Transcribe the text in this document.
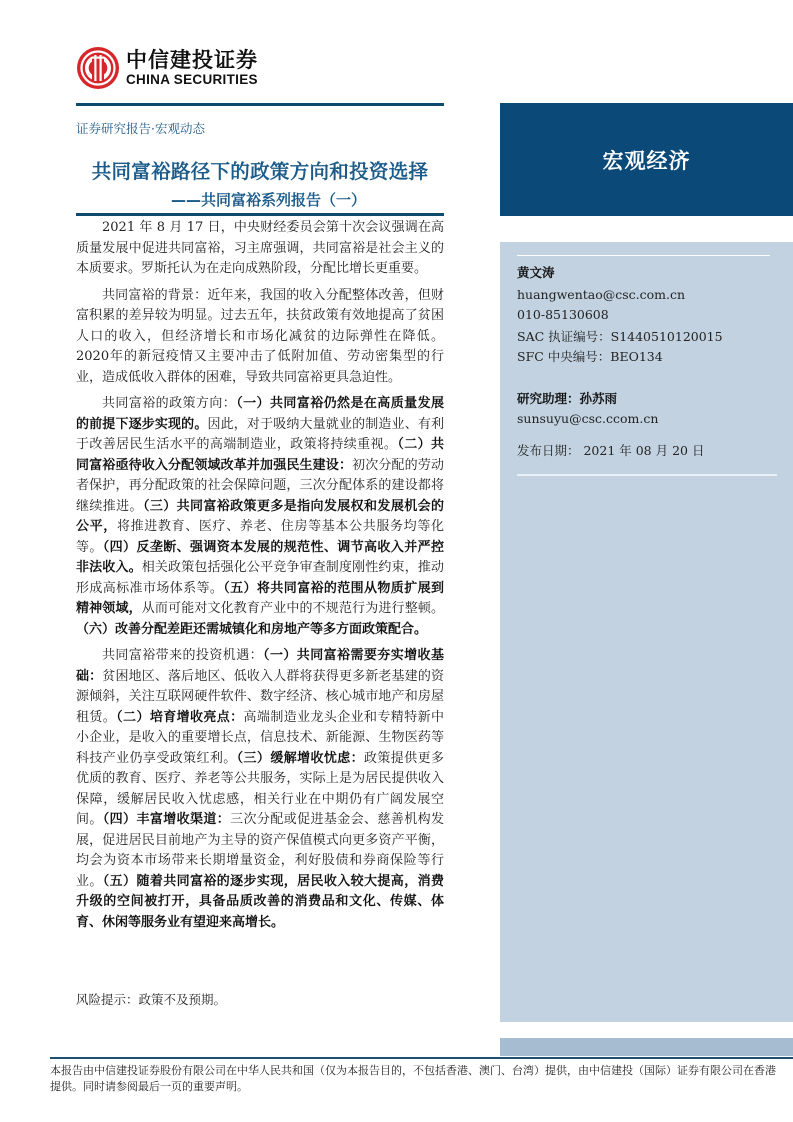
中信建投证券
CHINA SECURITIES
证券研究报告·宏观动态
共同富裕路径下的政策方向和投资选择
——共同富裕系列报告（一）

2021 年 8 月 17 日，中央财经委员会第十次会议强调在高质量发展中促进共同富裕，习主席强调，共同富裕是社会主义的本质要求。罗斯托认为在走向成熟阶段，分配比增长更重要。

共同富裕的背景：近年来，我国的收入分配整体改善，但财富积累的差异较为明显。过去五年，扶贫政策有效地提高了贫困人口的收入，但经济增长和市场化减贫的边际弹性在降低。2020年的新冠疫情又主要冲击了低附加值、劳动密集型的行业，造成低收入群体的困难，导致共同富裕更具急迫性。

共同富裕的政策方向：（一）共同富裕仍然是在高质量发展的前提下逐步实现的。因此，对于吸纳大量就业的制造业、有利于改善居民生活水平的高端制造业，政策将持续重视。（二）共同富裕亟待收入分配领域改革并加强民生建设：初次分配的劳动者保护，再分配政策的社会保障问题，三次分配体系的建设都将继续推进。（三）共同富裕政策更多是指向发展权和发展机会的公平，将推进教育、医疗、养老、住房等基本公共服务均等化等。（四）反垄断、强调资本发展的规范性、调节高收入并严控非法收入。相关政策包括强化公平竞争审查制度刚性约束，推动形成高标准市场体系等。（五）将共同富裕的范围从物质扩展到精神领域，从而可能对文化教育产业中的不规范行为进行整顿。（六）改善分配差距还需城镇化和房地产等多方面政策配合。

共同富裕带来的投资机遇：（一）共同富裕需要夯实增收基础：贫困地区、落后地区、低收入人群将获得更多新老基建的资源倾斜，关注互联网硬件软件、数字经济、核心城市地产和房屋租赁。（二）培育增收亮点：高端制造业龙头企业和专精特新中小企业，是收入的重要增长点，信息技术、新能源、生物医药等科技产业仍享受政策红利。（三）缓解增收忧虑：政策提供更多优质的教育、医疗、养老等公共服务，实际上是为居民提供收入保障，缓解居民收入忧虑感，相关行业在中期仍有广阔发展空间。（四）丰富增收渠道：三次分配或促进基金会、慈善机构发展，促进居民目前地产为主导的资产保值模式向更多资产平衡，均会为资本市场带来长期增量资金，利好股债和券商保险等行业。（五）随着共同富裕的逐步实现，居民收入较大提高，消费升级的空间被打开，具备品质改善的消费品和文化、传媒、体育、休闲等服务业有望迎来高增长。

风险提示：政策不及预期。
宏观经济
黄文涛
huangwentao@csc.com.cn
010-85130608
SAC 执证编号：S1440510120015
SFC 中央编号：BEO134
研究助理：孙苏雨
sunsuyu@csc.ccom.cn
发布日期： 2021 年 08 月 20 日
本报告由中信建投证券股份有限公司在中华人民共和国（仅为本报告目的，不包括香港、澳门、台湾）提供，由中信建投（国际）证券有限公司在香港提供。同时请参阅最后一页的重要声明。
